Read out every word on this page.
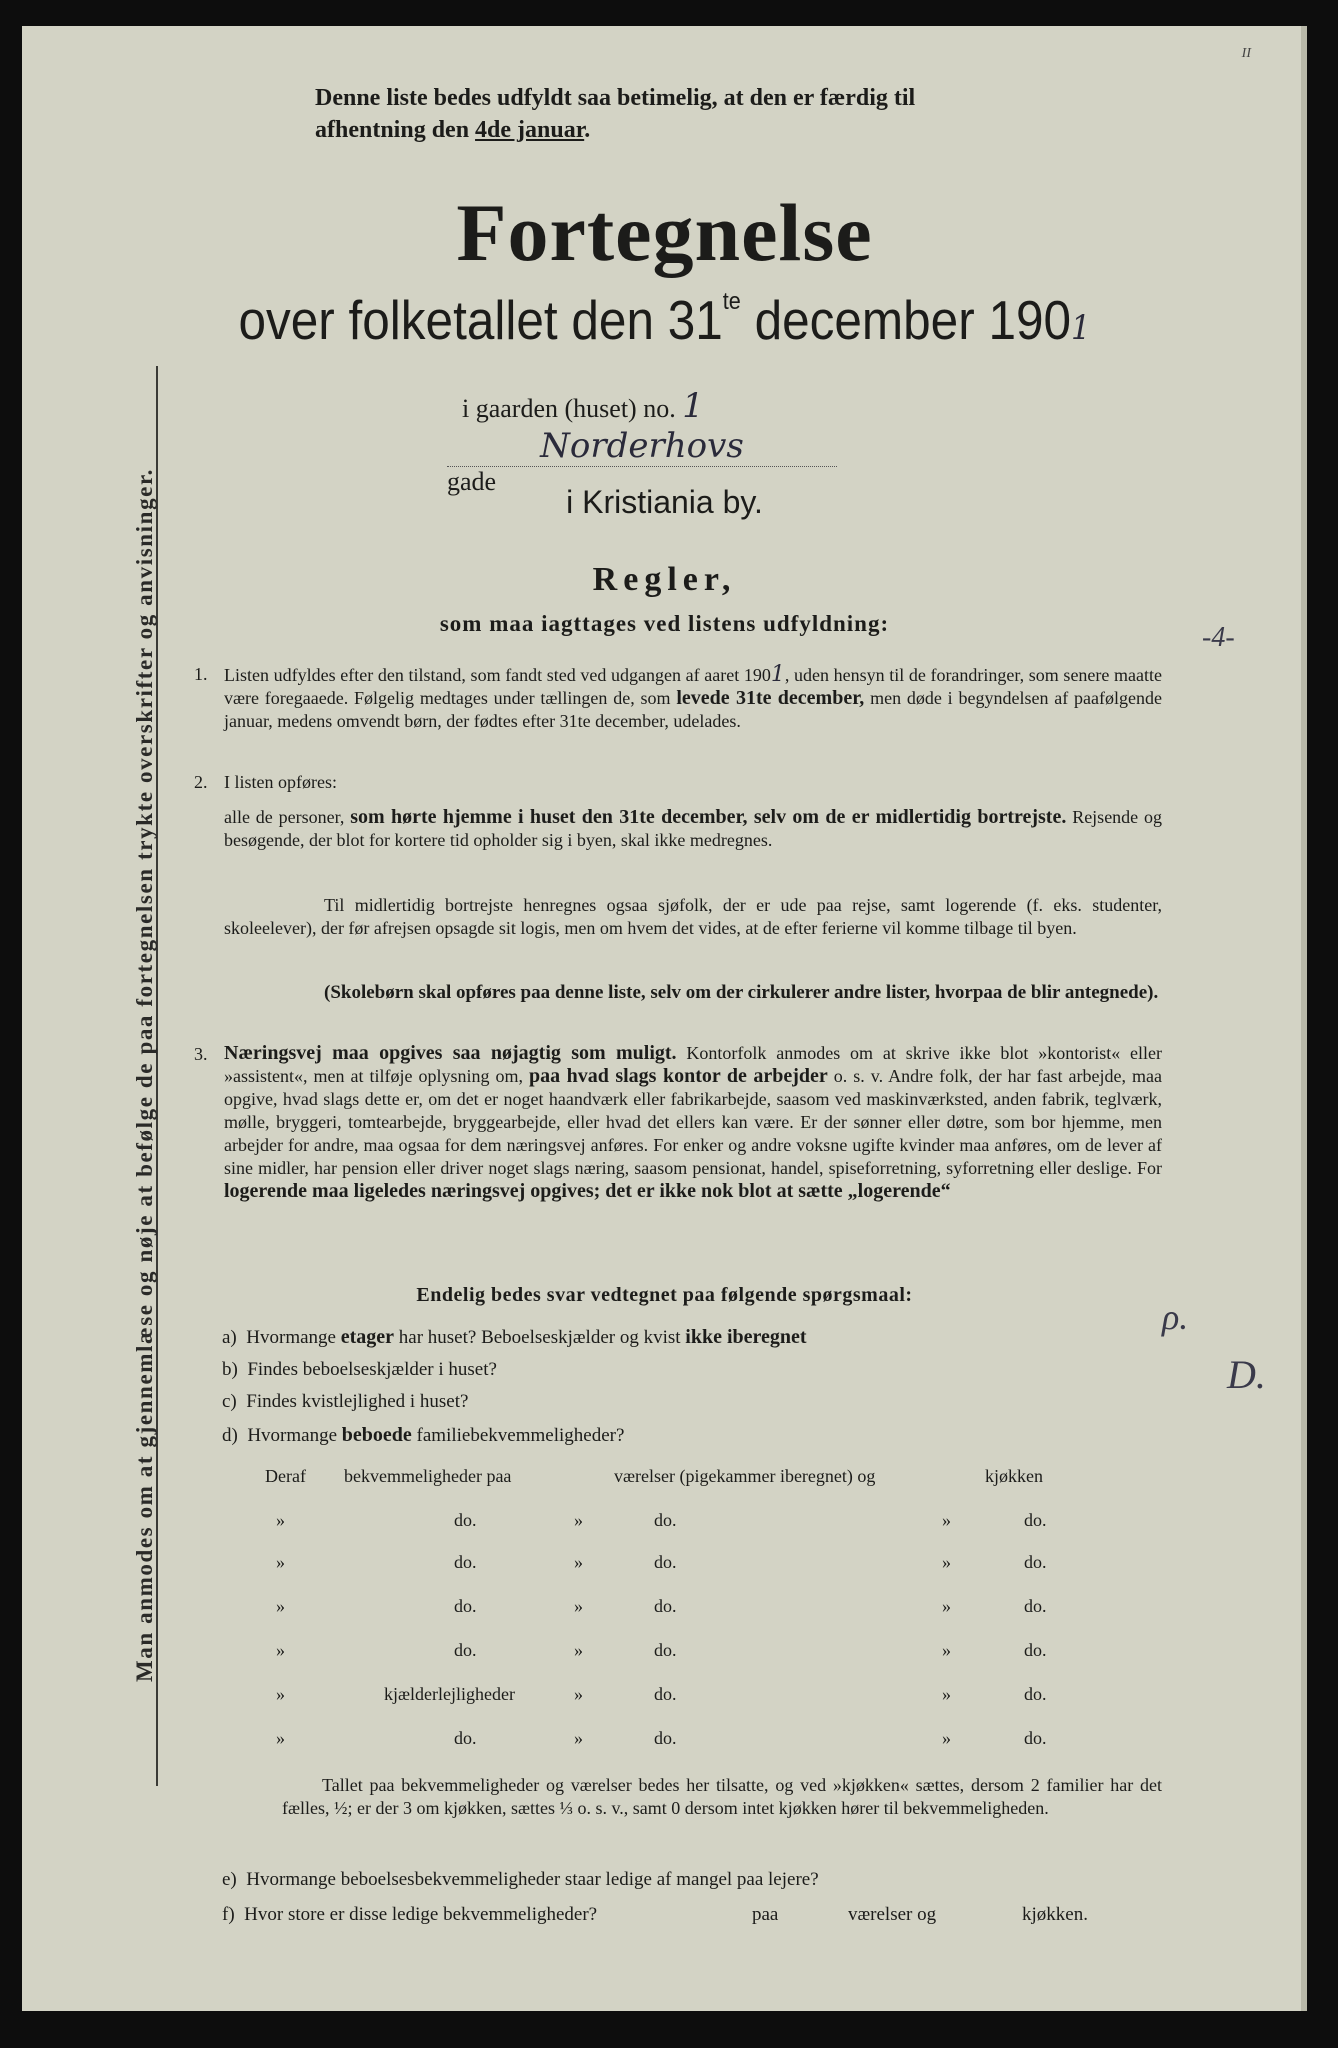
II
Man anmodes om at gjennemlæse og nøje at befølge de paa fortegnelsen trykte overskrifter og anvisninger.
Denne liste bedes udfyldt saa betimelig, at den er færdig til
afhentning den 4de januar.
Fortegnelse
over folketallet den $31^{te}$ december 1901
i gaarden (huset) no. 1
Norderhovsgade
i Kristiania by.
Regler,
som maa iagttages ved listens udfyldning:
1. Listen udfyldes efter den tilstand, som fandt sted ved udgangen af aaret 1901, uden hensyn til de forandringer, som senere maatte være foregaaede. Følgelig medtages under tællingen de, som levede 31te december, men døde i begyndelsen af paafølgende januar, medens omvendt børn, der fødtes efter 31te december, udelades.
2. I listen opføres:
alle de personer, som hørte hjemme i huset den 31te december, selv om de er midlertidig bortrejste. Rejsende og besøgende, der blot for kortere tid opholder sig i byen, skal ikke medregnes.
Til midlertidig bortrejste henregnes ogsaa sjøfolk, der er ude paa rejse, samt logerende (f. eks. studenter, skoleelever), der før afrejsen opsagde sit logis, men om hvem det vides, at de efter ferierne vil komme tilbage til byen.
(Skolebørn skal opføres paa denne liste, selv om der cirkulerer andre lister, hvorpaa de blir antegnede).
3. Næringsvej maa opgives saa nøjagtig som muligt. Kontorfolk anmodes om at skrive ikke blot »kontorist« eller »assistent«, men at tilføje oplysning om, paa hvad slags kontor de arbejder o. s. v. Andre folk, der har fast arbejde, maa opgive, hvad slags dette er, om det er noget haandværk eller fabrikarbejde, saasom ved maskinværksted, anden fabrik, teglværk, mølle, bryggeri, tomtearbejde, bryggearbejde, eller hvad det ellers kan være. Er der sønner eller døtre, som bor hjemme, men arbejder for andre, maa ogsaa for dem næringsvej anføres. For enker og andre voksne ugifte kvinder maa anføres, om de lever af sine midler, har pension eller driver noget slags næring, saasom pensionat, handel, spiseforretning, syforretning eller deslige. For logerende maa ligeledes næringsvej opgives; det er ikke nok blot at sætte „logerende“
Endelig bedes svar vedtegnet paa følgende spørgsmaal:
a) Hvormange etager har huset? Beboelseskjælder og kvist ikke iberegnet
b) Findes beboelseskjælder i huset?
c) Findes kvistlejlighed i huset?
d) Hvormange beboede familiebekvemmeligheder?
Deraf bekvemmeligheder paa	værelser (pigekammer iberegnet) og	kjøkken
»	do.	»	do.	»	do.
»	do.	»	do.	»	do.
»	do.	»	do.	»	do.
»	do.	»	do.	»	do.
»	kjælderlejligheder	»	do.	»	do.
»	do.	»	do.	»	do.
Tallet paa bekvemmeligheder og værelser bedes her tilsatte, og ved »kjøkken« sættes, dersom 2 familier har det fælles, ½; er der 3 om kjøkken, sættes ⅓ o. s. v., samt 0 dersom intet kjøkken hører til bekvemmeligheden.
e) Hvormange beboelsesbekvemmeligheder staar ledige af mangel paa lejere?
f) Hvor store er disse ledige bekvemmeligheder?	paa	værelser og	kjøkken.
-4-
ρ.
D.
